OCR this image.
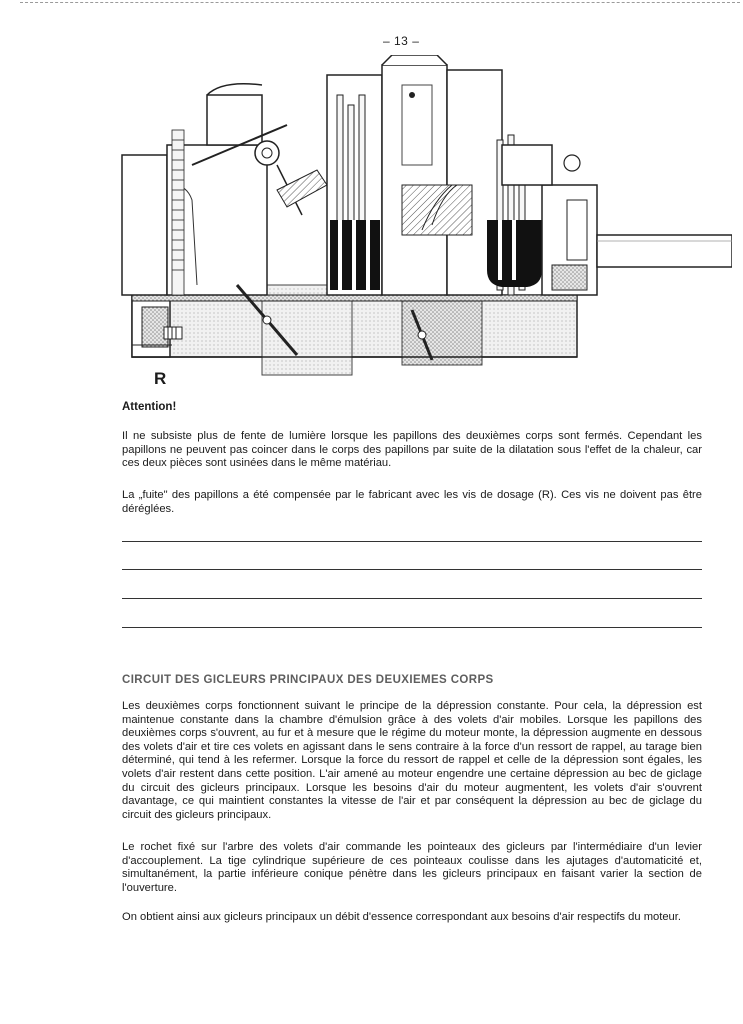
– 13 –
R
Attention!
Il ne subsiste plus de fente de lumière lorsque les papillons des deuxièmes corps sont fermés. Cependant les papillons ne peuvent pas coincer dans le corps des papillons par suite de la dilatation sous l'effet de la chaleur, car ces deux pièces sont usinées dans le même matériau.
La „fuite" des papillons a été compensée par le fabricant avec les vis de dosage (R). Ces vis ne doivent pas être déréglées.
CIRCUIT DES GICLEURS PRINCIPAUX DES DEUXIEMES CORPS
Les deuxièmes corps fonctionnent suivant le principe de la dépression constante. Pour cela, la dépression est maintenue constante dans la chambre d'émulsion grâce à des volets d'air mobiles. Lorsque les papillons des deuxièmes corps s'ouvrent, au fur et à mesure que le régime du moteur monte, la dépression augmente en dessous des volets d'air et tire ces volets en agissant dans le sens contraire à la force d'un ressort de rappel, au tarage bien déterminé, qui tend à les refermer. Lorsque la force du ressort de rappel et celle de la dépression sont égales, les volets d'air restent dans cette position. L'air amené au moteur engendre une certaine dépression au bec de giclage du circuit des gicleurs principaux. Lorsque les besoins d'air du moteur augmentent, les volets d'air s'ouvrent davantage, ce qui maintient constantes la vitesse de l'air et par conséquent la dépression au bec de giclage du circuit des gicleurs principaux.
Le rochet fixé sur l'arbre des volets d'air commande les pointeaux des gicleurs par l'intermédiaire d'un levier d'accouplement. La tige cylindrique supérieure de ces pointeaux coulisse dans les ajutages d'automaticité et, simultanément, la partie inférieure conique pénètre dans les gicleurs principaux en faisant varier la section de l'ouverture.
On obtient ainsi aux gicleurs principaux un débit d'essence correspondant aux besoins d'air respectifs du moteur.
